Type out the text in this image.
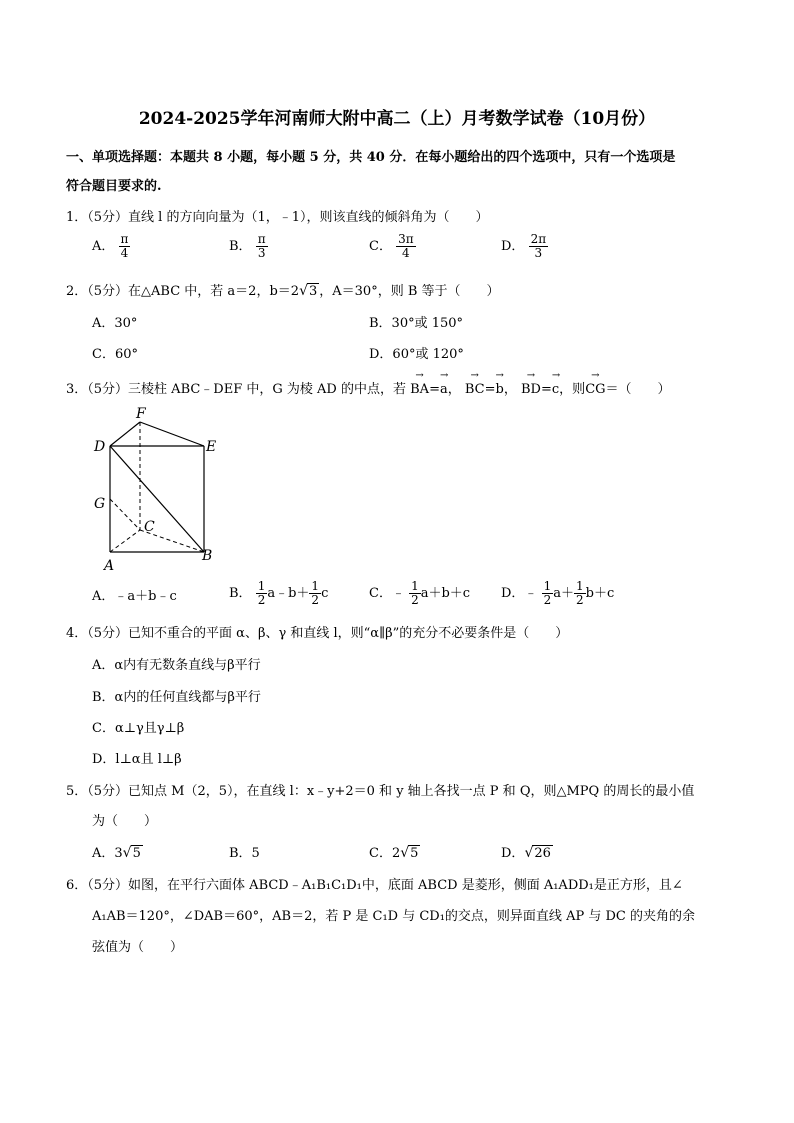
2024-2025学年河南师大附中高二（上）月考数学试卷（10月份）
一、单项选择题：本题共 8 小题，每小题 5 分，共 40 分．在每小题给出的四个选项中，只有一个选项是
符合题目要求的.
1．（5分）直线 l 的方向向量为（1，﹣1），则该直线的倾斜角为（　　）
A． $\frac{\pi}{4}$	B． $\frac{\pi}{3}$	C． $\frac{3\pi}{4}$	D． $\frac{2\pi}{3}$
2．（5分）在△ABC 中，若 a＝2，b＝2√3 ，A＝30°，则 B 等于（　　）
A．30°	B．30°或 150°
C．60°	D．60°或 120°
3．（5分）三棱柱 ABC﹣DEF 中，G 为棱 AD 的中点，若 → BA=→ a， → BC=→ b， → BD=→ c，则→ CG＝（　　）
F
D	E
G
C
A
B
A．﹣a＋b﹣c	B． $\frac{1}{2}$ a﹣b＋ $\frac{1}{2}$ c	C．﹣ $\frac{1}{2} a+b+c$ D．﹣ $\frac{1}{2} a+ \frac{1}{2} b+c$
4．（5分）已知不重合的平面 α、β、γ 和直线 l，则“α∥β”的充分不必要条件是（　　）
A．α内有无数条直线与β平行
B．α内的任何直线都与β平行
C．α⊥γ且γ⊥β
D．l⊥α且 l⊥β
5．（5分）已知点 M（2，5），在直线 l：x﹣y+2＝0 和 y 轴上各找一点 P 和 Q，则△MPQ 的周长的最小值
为（　　）
A．3√5	B．5	C．2√5	D．√26
6．（5分）如图，在平行六面体 ABCD﹣A₁B₁C₁D₁中，底面 ABCD 是菱形，侧面 A₁ADD₁是正方形，且∠
A₁AB＝120°，∠DAB＝60°，AB＝2，若 P 是 C₁D 与 CD₁的交点，则异面直线 AP 与 DC 的夹角的余
弦值为（　　）
